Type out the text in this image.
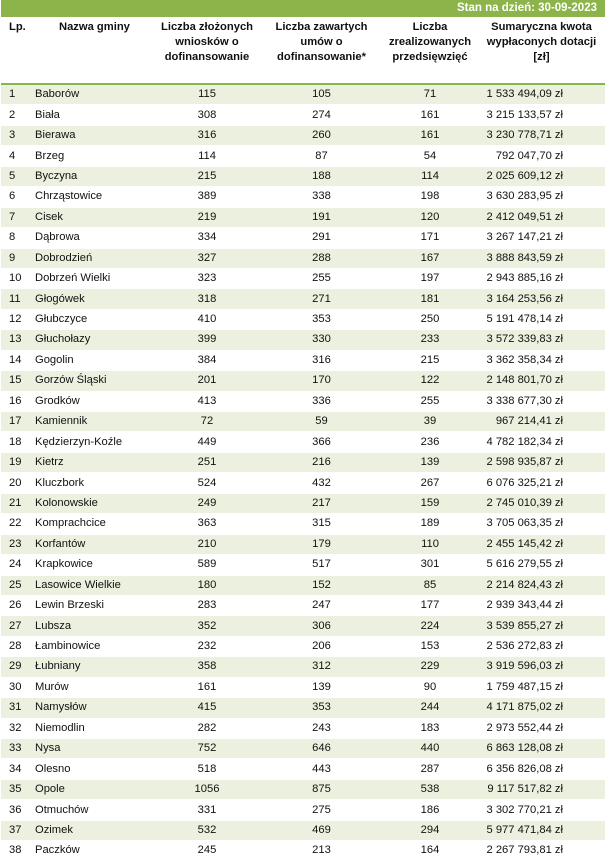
Stan na dzień: 30-09-2023
Lp.	Nazwa gminy	Liczba złożonych wniosków o dofinansowanie	Liczba zawartych umów o dofinansowanie*	Liczba zrealizowanych przedsięwzięć	Sumaryczna kwota wypłaconych dotacji [zł]
1	Baborów	115	105	71	1 533 494,09 zł
2	Biała	308	274	161	3 215 133,57 zł
3	Bierawa	316	260	161	3 230 778,71 zł
4	Brzeg	114	87	54	792 047,70 zł
5	Byczyna	215	188	114	2 025 609,12 zł
6	Chrząstowice	389	338	198	3 630 283,95 zł
7	Cisek	219	191	120	2 412 049,51 zł
8	Dąbrowa	334	291	171	3 267 147,21 zł
9	Dobrodzień	327	288	167	3 888 843,59 zł
10	Dobrzeń Wielki	323	255	197	2 943 885,16 zł
11	Głogówek	318	271	181	3 164 253,56 zł
12	Głubczyce	410	353	250	5 191 478,14 zł
13	Głuchołazy	399	330	233	3 572 339,83 zł
14	Gogolin	384	316	215	3 362 358,34 zł
15	Gorzów Śląski	201	170	122	2 148 801,70 zł
16	Grodków	413	336	255	3 338 677,30 zł
17	Kamiennik	72	59	39	967 214,41 zł
18	Kędzierzyn-Koźle	449	366	236	4 782 182,34 zł
19	Kietrz	251	216	139	2 598 935,87 zł
20	Kluczbork	524	432	267	6 076 325,21 zł
21	Kolonowskie	249	217	159	2 745 010,39 zł
22	Komprachcice	363	315	189	3 705 063,35 zł
23	Korfantów	210	179	110	2 455 145,42 zł
24	Krapkowice	589	517	301	5 616 279,55 zł
25	Lasowice Wielkie	180	152	85	2 214 824,43 zł
26	Lewin Brzeski	283	247	177	2 939 343,44 zł
27	Lubsza	352	306	224	3 539 855,27 zł
28	Łambinowice	232	206	153	2 536 272,83 zł
29	Łubniany	358	312	229	3 919 596,03 zł
30	Murów	161	139	90	1 759 487,15 zł
31	Namysłów	415	353	244	4 171 875,02 zł
32	Niemodlin	282	243	183	2 973 552,44 zł
33	Nysa	752	646	440	6 863 128,08 zł
34	Olesno	518	443	287	6 356 826,08 zł
35	Opole	1056	875	538	9 117 517,82 zł
36	Otmuchów	331	275	186	3 302 770,21 zł
37	Ozimek	532	469	294	5 977 471,84 zł
38	Paczków	245	213	164	2 267 793,81 zł
